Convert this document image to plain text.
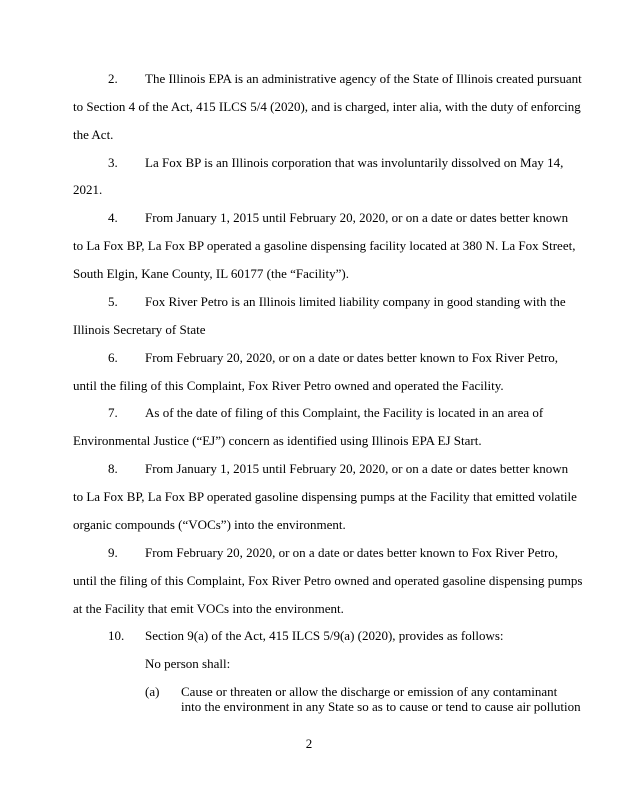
2. The Illinois EPA is an administrative agency of the State of Illinois created pursuant
to Section 4 of the Act, 415 ILCS 5/4 (2020), and is charged, inter alia, with the duty of enforcing
the Act.
3. La Fox BP is an Illinois corporation that was involuntarily dissolved on May 14,
2021.
4. From January 1, 2015 until February 20, 2020, or on a date or dates better known
to La Fox BP, La Fox BP operated a gasoline dispensing facility located at 380 N. La Fox Street,
South Elgin, Kane County, IL 60177 (the “Facility”).
5. Fox River Petro is an Illinois limited liability company in good standing with the
Illinois Secretary of State
6. From February 20, 2020, or on a date or dates better known to Fox River Petro,
until the filing of this Complaint, Fox River Petro owned and operated the Facility.
7. As of the date of filing of this Complaint, the Facility is located in an area of
Environmental Justice (“EJ”) concern as identified using Illinois EPA EJ Start.
8. From January 1, 2015 until February 20, 2020, or on a date or dates better known
to La Fox BP, La Fox BP operated gasoline dispensing pumps at the Facility that emitted volatile
organic compounds (“VOCs”) into the environment.
9. From February 20, 2020, or on a date or dates better known to Fox River Petro,
until the filing of this Complaint, Fox River Petro owned and operated gasoline dispensing pumps
at the Facility that emit VOCs into the environment.
10. Section 9(a) of the Act, 415 ILCS 5/9(a) (2020), provides as follows:
No person shall:
(a) Cause or threaten or allow the discharge or emission of any contaminant
into the environment in any State so as to cause or tend to cause air pollution
2
